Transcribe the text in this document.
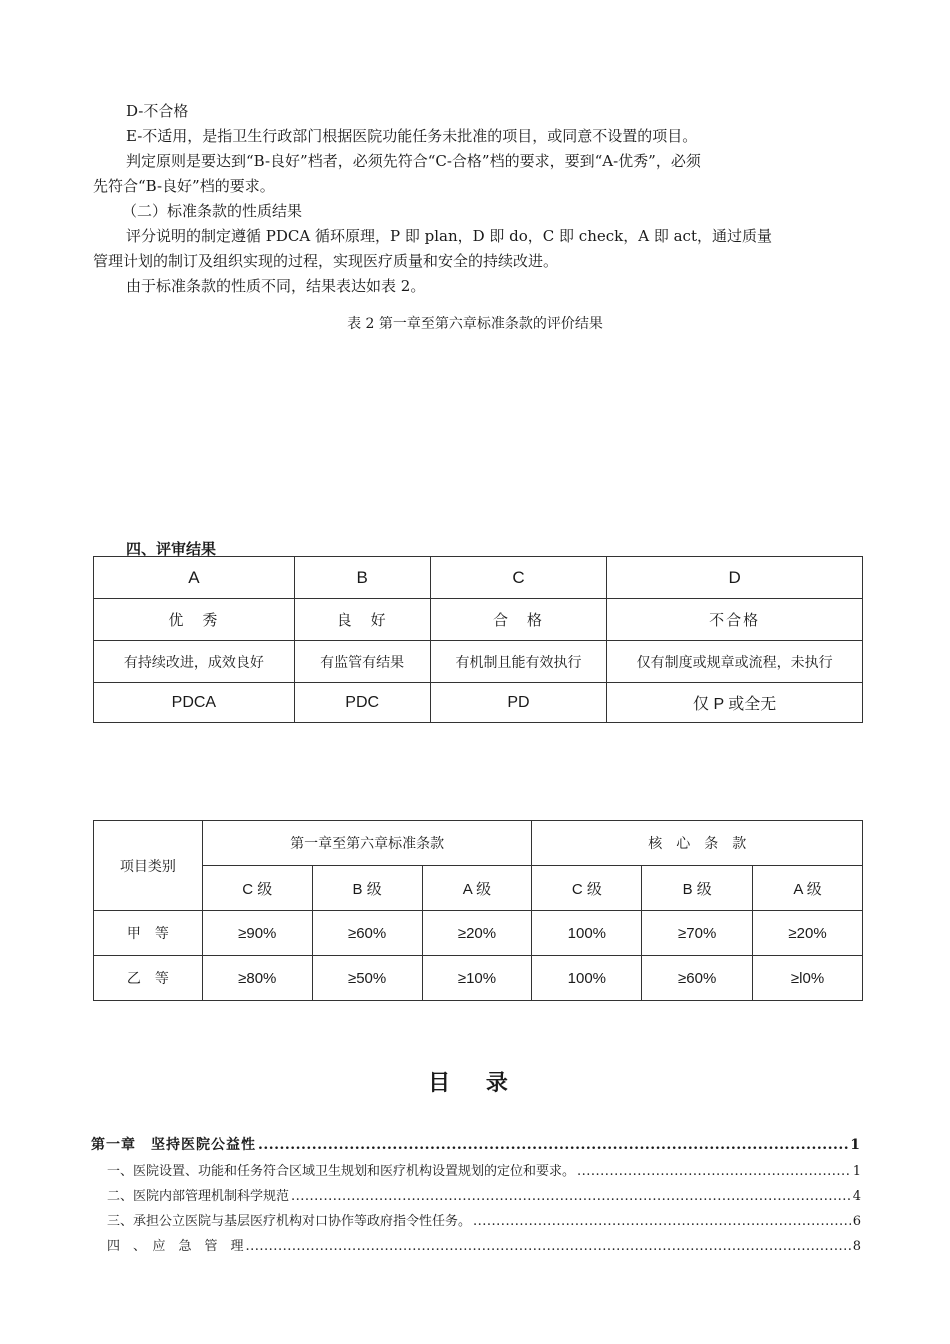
D-不合格
E-不适用，是指卫生行政部门根据医院功能任务未批准的项目，或同意不设置的项目。
判定原则是要达到“B-良好”档者，必须先符合“C-合格”档的要求，要到“A-优秀”，必须
先符合“B-良好”档的要求。
（二）标准条款的性质结果
评分说明的制定遵循 PDCA 循环原理，P 即 plan，D 即 do，C 即 check，A 即 act，通过质量
管理计划的制订及组织实现的过程，实现医疗质量和安全的持续改进。
由于标准条款的性质不同，结果表达如表 2。
表 2 第一章至第六章标准条款的评价结果
四、评审结果
A	B	C	D
优　秀	良　好	合　格	不合格
有持续改进，成效良好	有监管有结果	有机制且能有效执行	仅有制度或规章或流程，未执行
PDCA	PDC	PD	仅 P 或全无
项目类别	第一章至第六章标准条款			核　心　条　款		
	C 级	B 级	A 级	C 级	B 级	A 级
甲　等	≥90%	≥60%	≥20%	100%	≥70%	≥20%
乙　等	≥80%	≥50%	≥10%	100%	≥60%	≥l0%
目 录
第一章　坚持医院公益性 .....	1
一、医院设置、功能和任务符合区域卫生规划和医疗机构设置规划的定位和要求。 .....	1
二、医院内部管理机制科学规范 .....	4
三、承担公立医院与基层医疗机构对口协作等政府指令性任务。 .....	6
四　、　应　急　管　理 .....	8
